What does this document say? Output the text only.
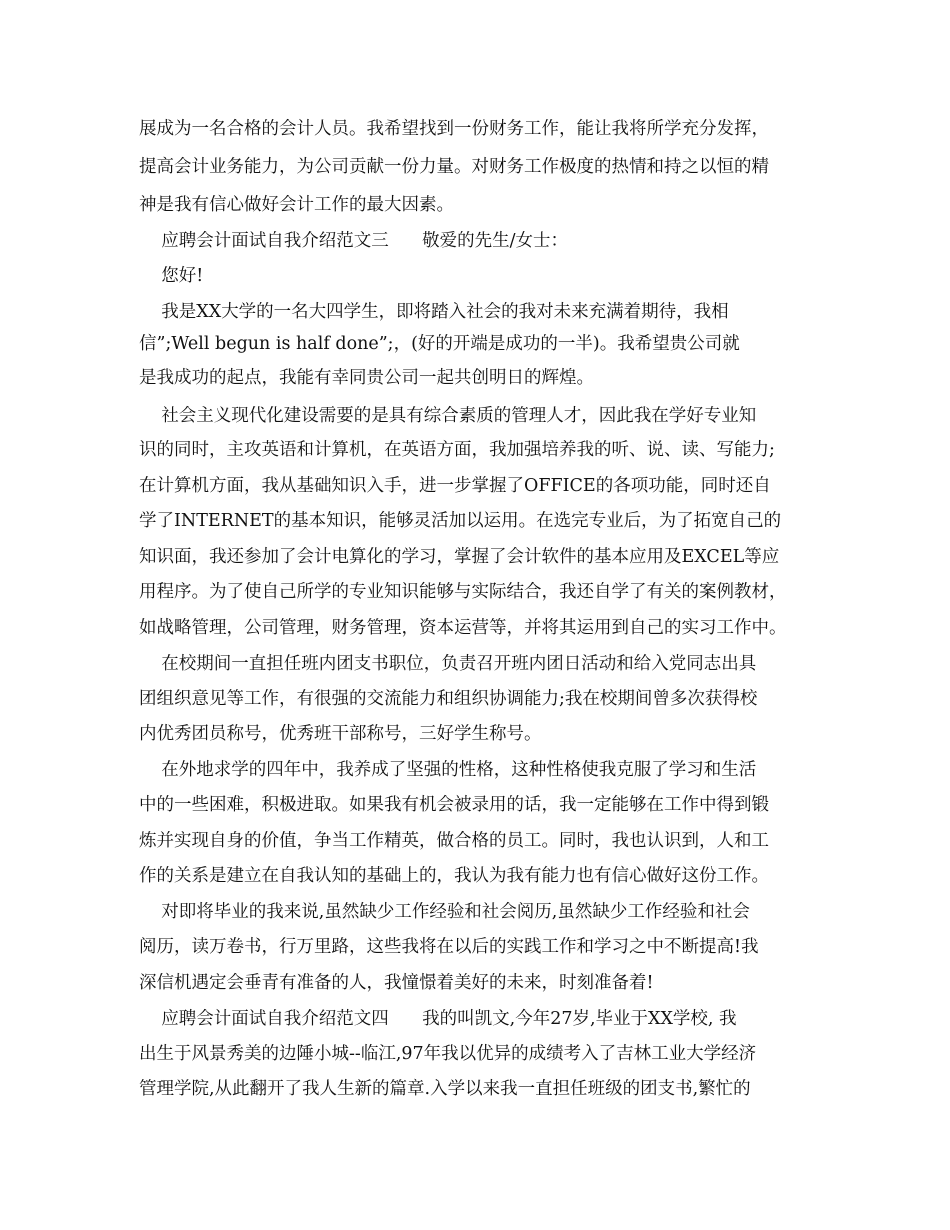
展成为一名合格的会计人员。我希望找到一份财务工作，能让我将所学充分发挥，
提高会计业务能力，为公司贡献一份力量。对财务工作极度的热情和持之以恒的精
神是我有信心做好会计工作的最大因素。
应聘会计面试自我介绍范文三      敬爱的先生/女士：
您好!
我是XX大学的一名大四学生，即将踏入社会的我对未来充满着期待，我相
信”;Well begun is half done”;，(好的开端是成功的一半)。我希望贵公司就
是我成功的起点，我能有幸同贵公司一起共创明日的辉煌。
社会主义现代化建设需要的是具有综合素质的管理人才，因此我在学好专业知
识的同时，主攻英语和计算机，在英语方面，我加强培养我的听、说、读、写能力;
在计算机方面，我从基础知识入手，进一步掌握了OFFICE的各项功能，同时还自
学了INTERNET的基本知识，能够灵活加以运用。在选完专业后，为了拓宽自己的
知识面，我还参加了会计电算化的学习，掌握了会计软件的基本应用及EXCEL等应
用程序。为了使自己所学的专业知识能够与实际结合，我还自学了有关的案例教材，
如战略管理，公司管理，财务管理，资本运营等，并将其运用到自己的实习工作中。
在校期间一直担任班内团支书职位，负责召开班内团日活动和给入党同志出具
团组织意见等工作，有很强的交流能力和组织协调能力;我在校期间曾多次获得校
内优秀团员称号，优秀班干部称号，三好学生称号。
在外地求学的四年中，我养成了坚强的性格，这种性格使我克服了学习和生活
中的一些困难，积极进取。如果我有机会被录用的话，我一定能够在工作中得到锻
炼并实现自身的价值，争当工作精英，做合格的员工。同时，我也认识到，人和工
作的关系是建立在自我认知的基础上的，我认为我有能力也有信心做好这份工作。
对即将毕业的我来说,虽然缺少工作经验和社会阅历,虽然缺少工作经验和社会
阅历，读万卷书，行万里路，这些我将在以后的实践工作和学习之中不断提高!我
深信机遇定会垂青有准备的人，我憧憬着美好的未来，时刻准备着!
应聘会计面试自我介绍范文四      我的叫凯文,今年27岁,毕业于XX学校, 我
出生于风景秀美的边陲小城--临江,97年我以优异的成绩考入了吉林工业大学经济
管理学院,从此翻开了我人生新的篇章.入学以来我一直担任班级的团支书,繁忙的
